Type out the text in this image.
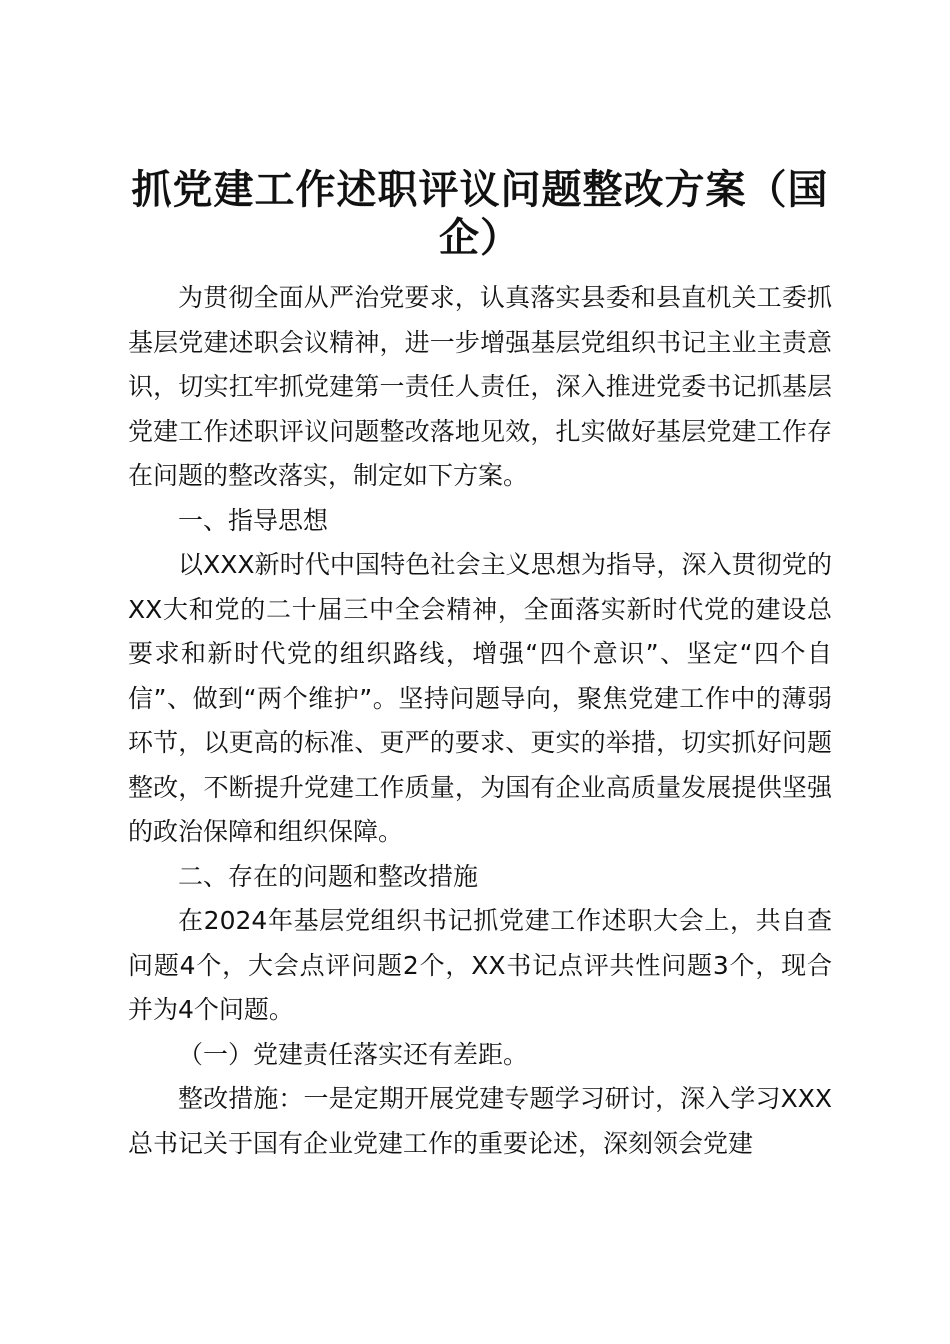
抓党建工作述职评议问题整改方案（国企）

为贯彻全面从严治党要求，认真落实县委和县直机关工委抓基层党建述职会议精神，进一步增强基层党组织书记主业主责意识，切实扛牢抓党建第一责任人责任，深入推进党委书记抓基层党建工作述职评议问题整改落地见效，扎实做好基层党建工作存在问题的整改落实，制定如下方案。

一、指导思想

以XXX新时代中国特色社会主义思想为指导，深入贯彻党的XX大和党的二十届三中全会精神，全面落实新时代党的建设总要求和新时代党的组织路线，增强“四个意识”、坚定“四个自信”、做到“两个维护”。坚持问题导向，聚焦党建工作中的薄弱环节，以更高的标准、更严的要求、更实的举措，切实抓好问题整改，不断提升党建工作质量，为国有企业高质量发展提供坚强的政治保障和组织保障。

二、存在的问题和整改措施

在2024年基层党组织书记抓党建工作述职大会上，共自查问题4个，大会点评问题2个，XX书记点评共性问题3个，现合并为4个问题。

（一）党建责任落实还有差距。

整改措施：一是定期开展党建专题学习研讨，深入学习XXX总书记关于国有企业党建工作的重要论述，深刻领会党建
